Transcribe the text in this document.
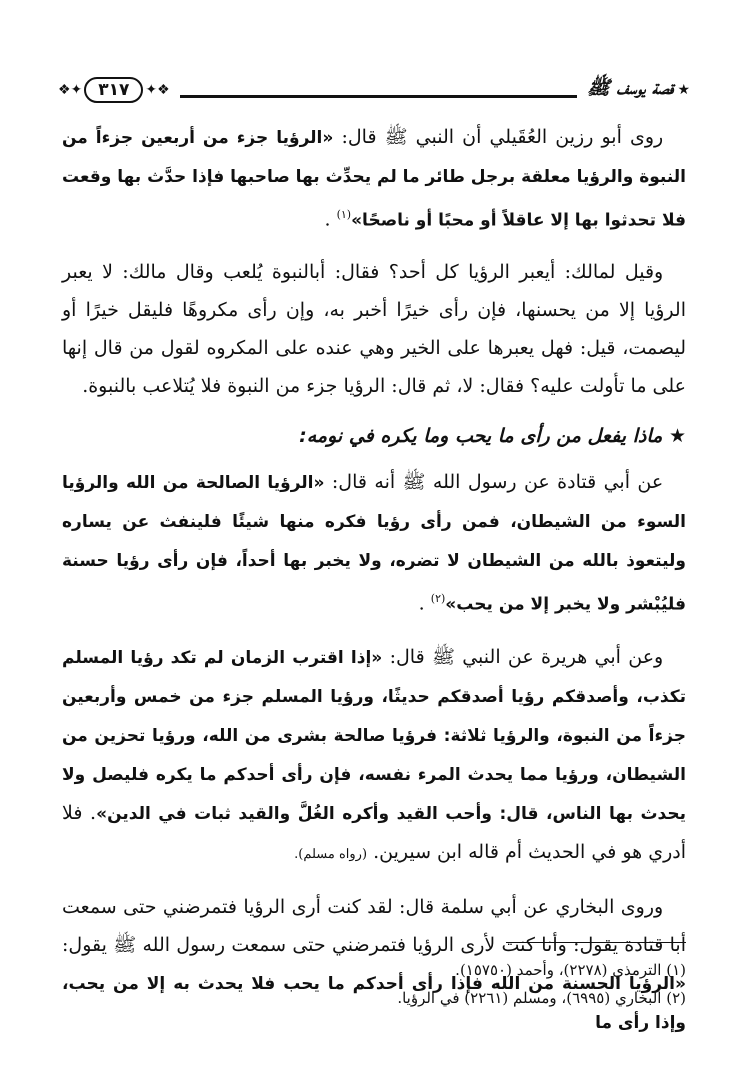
★
قصة يوسف ﷺ
❖✦ ٣١٧	✦❖

روى أبو رزين العُقَيلي أن النبي ﷺ قال: «الرؤيا جزء من أربعين جزءاً من النبوة والرؤيا معلقة برجل طائر ما لم يحدِّث بها صاحبها فإذا حدَّث بها وقعت فلا تحدثوا بها إلا عاقلاً أو محبًا أو ناصحًا»$^{(١)}$ .

وقيل لمالك: أيعبر الرؤيا كل أحد؟ فقال: أبالنبوة يُلعب وقال مالك: لا يعبر الرؤيا إلا من يحسنها، فإن رأى خيرًا أخبر به، وإن رأى مكروهًا فليقل خيرًا أو ليصمت، قيل: فهل يعبرها على الخير وهي عنده على المكروه لقول من قال إنها على ما تأولت عليه؟ فقال: لا، ثم قال: الرؤيا جزء من النبوة فلا يُتلاعب بالنبوة.

★ ماذا يفعل من رأى ما يحب وما يكره في نومه:

عن أبي قتادة عن رسول الله ﷺ أنه قال: «الرؤيا الصالحة من الله والرؤيا السوء من الشيطان، فمن رأى رؤيا فكره منها شيئًا فلينفث عن يساره وليتعوذ بالله من الشيطان لا تضره، ولا يخبر بها أحداً، فإن رأى رؤيا حسنة فليُبْشر ولا يخبر إلا من يحب»$^{(٢)}$ .

وعن أبي هريرة عن النبي ﷺ قال: «إذا اقترب الزمان لم تكد رؤيا المسلم تكذب، وأصدقكم رؤيا أصدقكم حديثًا، ورؤيا المسلم جزء من خمس وأربعين جزءاً من النبوة، والرؤيا ثلاثة: فرؤيا صالحة بشرى من الله، ورؤيا تحزين من الشيطان، ورؤيا مما يحدث المرء نفسه، فإن رأى أحدكم ما يكره فليصل ولا يحدث بها الناس، قال: وأحب القيد وأكره الغُلَّ والقيد ثبات في الدين». فلا أدري هو في الحديث أم قاله ابن سيرين. (رواه مسلم).

وروى البخاري عن أبي سلمة قال: لقد كنت أرى الرؤيا فتمرضني حتى سمعت أبا قتادة يقول: وأنا كنت لأرى الرؤيا فتمرضني حتى سمعت رسول الله ﷺ يقول: «الرؤيا الحسنة من الله فإذا رأى أحدكم ما يحب فلا يحدث به إلا من يحب، وإذا رأى ما

(١) الترمذي (٢٢٧٨)، وأحمد (١٥٧٥٠).

(٢) البخاري (٦٩٩٥)، ومسلم (٢٢٦١) في الرؤيا.
